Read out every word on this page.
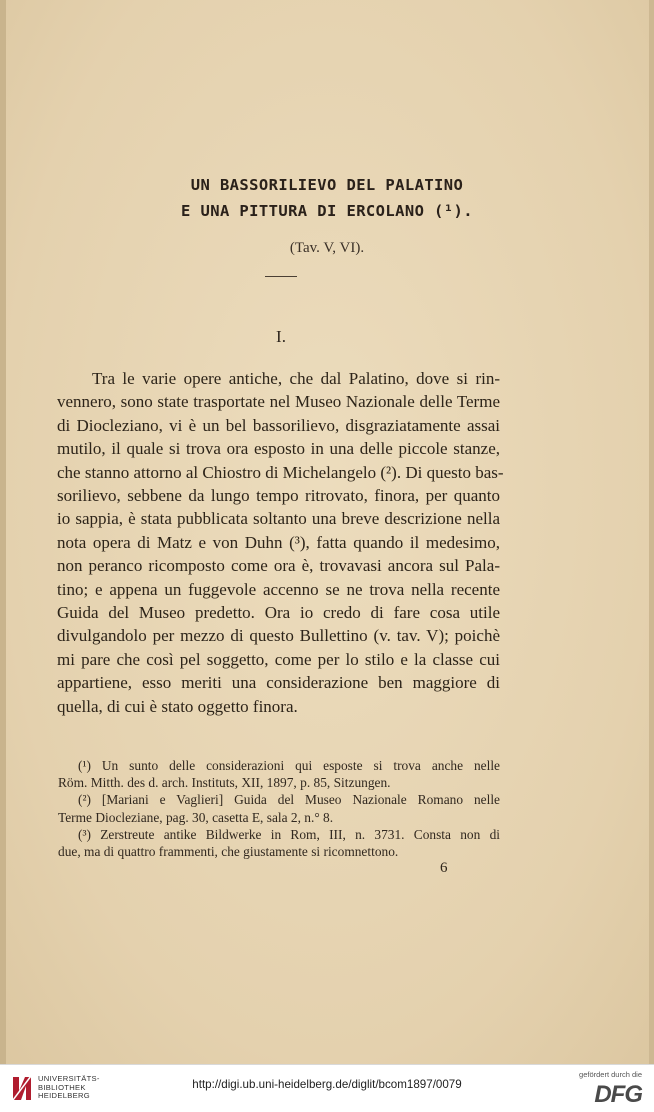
UN BASSORILIEVO DEL PALATINO
E UNA PITTURA DI ERCOLANO (¹).
(Tav. V, VI).
I.
Tra le varie opere antiche, che dal Palatino, dove si rin-
vennero, sono state trasportate nel Museo Nazionale delle Terme
di Diocleziano, vi è un bel bassorilievo, disgraziatamente assai
mutilo, il quale si trova ora esposto in una delle piccole stanze,
che stanno attorno al Chiostro di Michelangelo (²). Di questo bas-
sorilievo, sebbene da lungo tempo ritrovato, finora, per quanto
io sappia, è stata pubblicata soltanto una breve descrizione nella
nota opera di Matz e von Duhn (³), fatta quando il medesimo,
non peranco ricomposto come ora è, trovavasi ancora sul Pala-
tino; e appena un fuggevole accenno se ne trova nella recente
Guida del Museo predetto. Ora io credo di fare cosa utile
divulgandolo per mezzo di questo Bullettino (v. tav. V); poichè
mi pare che così pel soggetto, come per lo stilo e la classe cui
appartiene, esso meriti una considerazione ben maggiore di
quella, di cui è stato oggetto finora.
(¹) Un sunto delle considerazioni qui esposte si trova anche nelle
Röm. Mitth. des d. arch. Instituts, XII, 1897, p. 85, Sitzungen.
(²) [Mariani e Vaglieri] Guida del Museo Nazionale Romano nelle
Terme Diocleziane, pag. 30, casetta E, sala 2, n.° 8.
(³) Zerstreute antike Bildwerke in Rom, III, n. 3731. Consta non di
due, ma di quattro frammenti, che giustamente si ricomnettono.
6
UNIVERSITÄTS-
BIBLIOTHEK
HEIDELBERG
http://digi.ub.uni-heidelberg.de/diglit/bcom1897/0079
gefördert durch die
DFG
